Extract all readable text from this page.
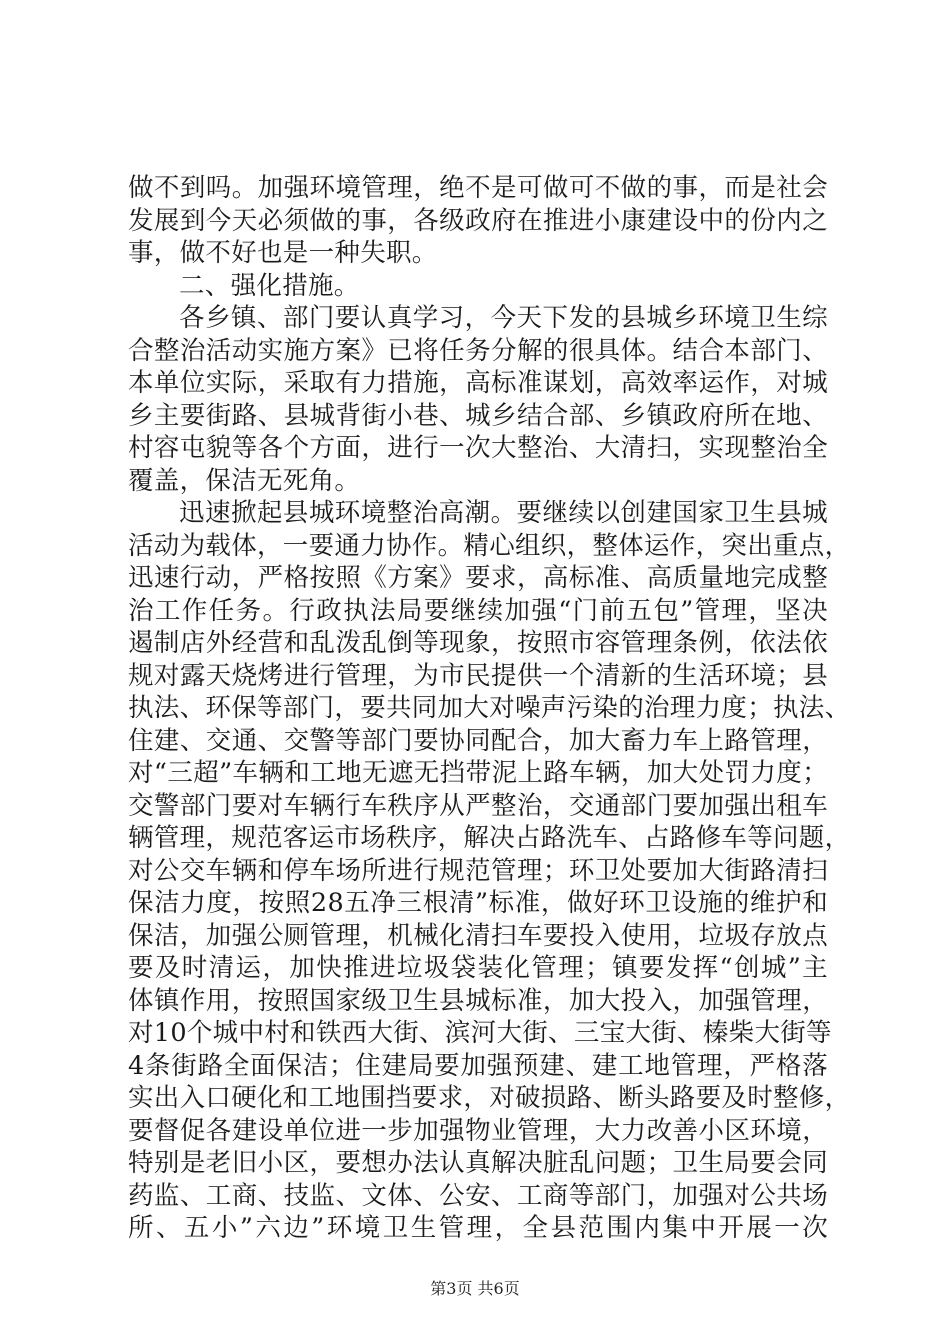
做不到吗。加强环境管理，绝不是可做可不做的事，而是社会
发展到今天必须做的事，各级政府在推进小康建设中的份内之
事，做不好也是一种失职。
二、强化措施。
各乡镇、部门要认真学习，今天下发的县城乡环境卫生综
合整治活动实施方案》已将任务分解的很具体。结合本部门、
本单位实际，采取有力措施，高标准谋划，高效率运作，对城
乡主要街路、县城背街小巷、城乡结合部、乡镇政府所在地、
村容屯貌等各个方面，进行一次大整治、大清扫，实现整治全
覆盖，保洁无死角。
迅速掀起县城环境整治高潮。要继续以创建国家卫生县城
活动为载体，一要通力协作。精心组织，整体运作，突出重点，
迅速行动，严格按照《方案》要求，高标准、高质量地完成整
治工作任务。行政执法局要继续加强“门前五包”管理，坚决
遏制店外经营和乱泼乱倒等现象，按照市容管理条例，依法依
规对露天烧烤进行管理，为市民提供一个清新的生活环境；县
执法、环保等部门，要共同加大对噪声污染的治理力度；执法、
住建、交通、交警等部门要协同配合，加大畜力车上路管理，
对“三超”车辆和工地无遮无挡带泥上路车辆，加大处罚力度；
交警部门要对车辆行车秩序从严整治，交通部门要加强出租车
辆管理，规范客运市场秩序，解决占路洗车、占路修车等问题，
对公交车辆和停车场所进行规范管理；环卫处要加大街路清扫
保洁力度，按照28五净三根清”标准，做好环卫设施的维护和
保洁，加强公厕管理，机械化清扫车要投入使用，垃圾存放点
要及时清运，加快推进垃圾袋装化管理；镇要发挥“创城”主
体镇作用，按照国家级卫生县城标准，加大投入，加强管理，
对10个城中村和铁西大街、滨河大街、三宝大街、榛柴大街等
4条街路全面保洁；住建局要加强预建、建工地管理，严格落
实出入口硬化和工地围挡要求，对破损路、断头路要及时整修，
要督促各建设单位进一步加强物业管理，大力改善小区环境，
特别是老旧小区，要想办法认真解决脏乱问题；卫生局要会同
药监、工商、技监、文体、公安、工商等部门，加强对公共场
所、五小”六边”环境卫生管理，全县范围内集中开展一次
第3页 共6页
